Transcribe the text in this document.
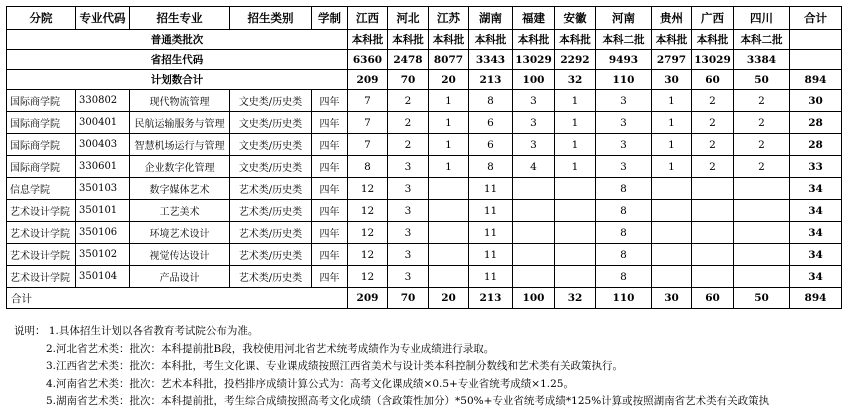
分院	专业代码	招生专业	招生类别	学制	江西	河北	江苏	湖南	福建	安徽	河南	贵州	广西	四川	合计
普通类批次					本科批	本科批	本科批	本科批	本科批	本科批	本科二批	本科批	本科批	本科二批	
省招生代码					6360	2478	8077	3343	13029	2292	9493	2797	13029	3384	
计划数合计					209	70	20	213	100	32	110	30	60	50	894
国际商学院	330802	现代物流管理	文史类/历史类	四年	7	2	1	8	3	1	3	1	2	2	30
国际商学院	300401	民航运输服务与管理	文史类/历史类	四年	7	2	1	6	3	1	3	1	2	2	28
国际商学院	300403	智慧机场运行与管理	文史类/历史类	四年	7	2	1	6	3	1	3	1	2	2	28
国际商学院	330601	企业数字化管理	文史类/历史类	四年	8	3	1	8	4	1	3	1	2	2	33
信息学院	350103	数字媒体艺术	艺术类/历史类	四年	12	3		11			8				34
艺术设计学院	350101	工艺美术	艺术类/历史类	四年	12	3		11			8				34
艺术设计学院	350106	环境艺术设计	艺术类/历史类	四年	12	3		11			8				34
艺术设计学院	350102	视觉传达设计	艺术类/历史类	四年	12	3		11			8				34
艺术设计学院	350104	产品设计	艺术类/历史类	四年	12	3		11			8				34
合计					209	70	20	213	100	32	110	30	60	50	894
说明： 1.具体招生计划以各省教育考试院公布为准。
2.河北省艺术类：批次：本科提前批B段，我校使用河北省艺术统考成绩作为专业成绩进行录取。
3.江西省艺术类：批次：本科批，考生文化课、专业课成绩按照江西省美术与设计类本科控制分数线和艺术类有关政策执行。
4.河南省艺术类：批次：艺术本科批，投档排序成绩计算公式为：高考文化课成绩×0.5+专业省统考成绩×1.25。
5.湖南省艺术类：批次：本科提前批，考生综合成绩按照高考文化成绩（含政策性加分）*50%+专业省统考成绩*125%计算或按照湖南省艺术类有关政策执
